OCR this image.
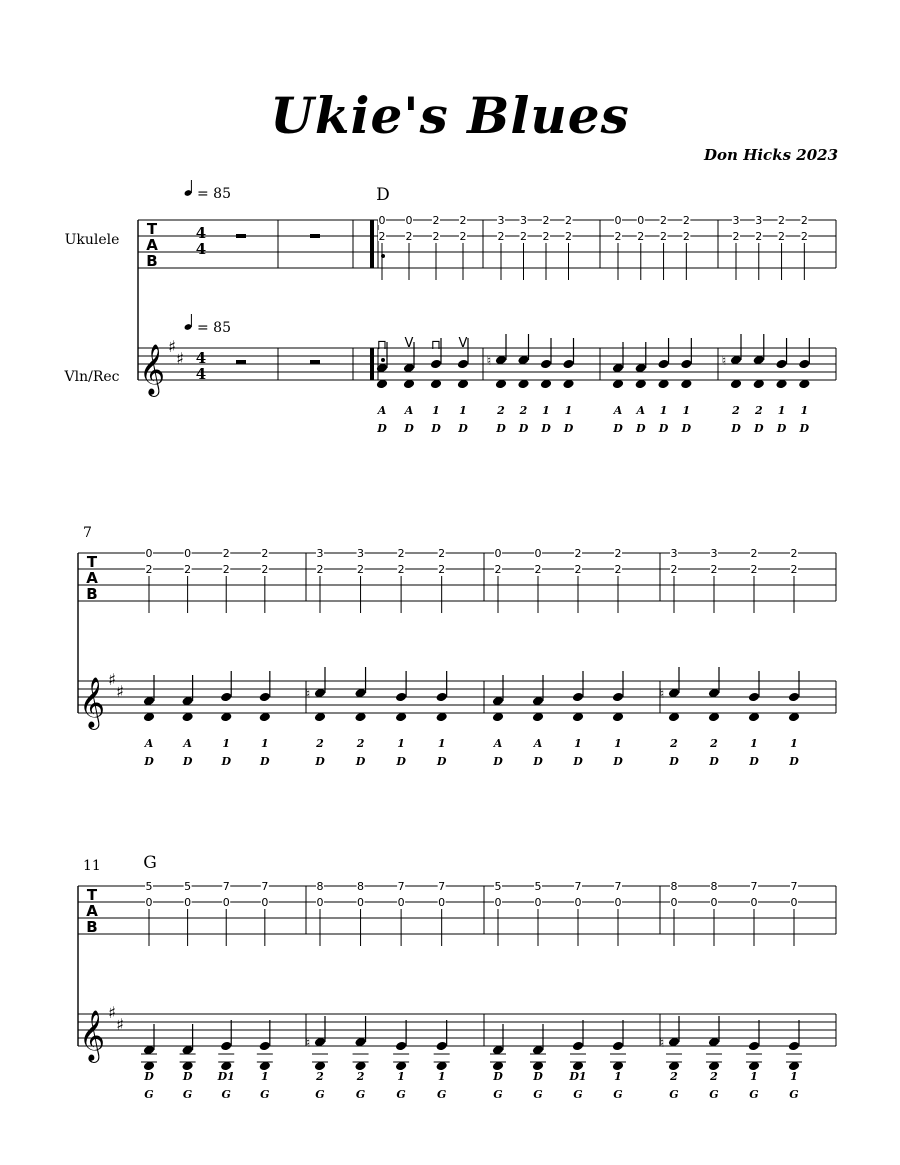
Ukie's Blues
Don Hicks 2023
T
A
B
𝄞 ♯
♯
4
4
4
4
Ukulele
Vln/Rec
= 85
= 85
D
⊓ V ⊓ V
A
D
0
2
A
D
0
2
1
D
2
2
1
D
2
2
♮
2
D
3
2
2
D
3
2
1
D
2
2
1
D
2
2
A
D
0
2
A
D
0
2
1
D
2
2
1
D
2
2
♮
2
D
3
2
2
D
3
2
1
D
2
2
1
D
2
2
T
A
B
𝄞 ♯
♯
7
A
D
0
2
A
D
0
2
1
D
2
2
1
D
2
2
♮
2
D
3
2
2
D
3
2
1
D
2
2
1
D
2
2
A
D
0
2
A
D
0
2
1
D
2
2
1
D
2
2
♮
2
D
3
2
2
D
3
2
1
D
2
2
1
D
2
2
T
A
B
𝄞 ♯
♯
11 G
D
G
5
0
D
G
5
0
D1
G
7
0
1
G
7
0
♮
2
G
8
0
2
G
8
0
1
G
7
0
1
G
7
0
D
G
5
0
D
G
5
0
D1
G
7
0
1
G
7
0
♮
2
G
8
0
2
G
8
0
1
G
7
0
1
G
7
0
